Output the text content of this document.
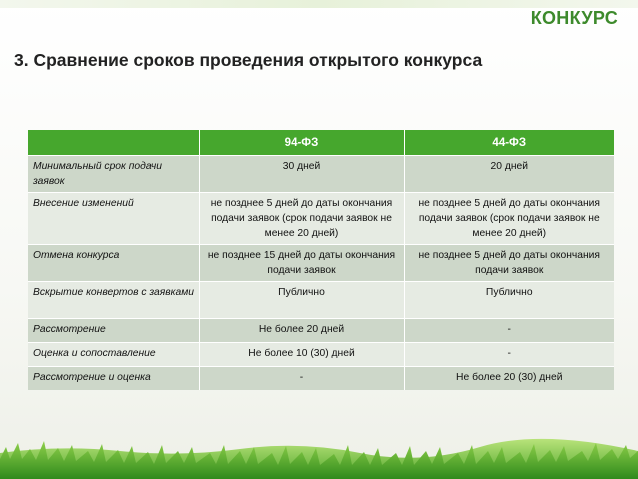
КОНКУРС
3. Сравнение сроков проведения открытого конкурса
	94-ФЗ	44-ФЗ
Минимальный срок подачи заявок	30 дней	20 дней
Внесение изменений	не позднее 5 дней до даты окончания подачи заявок (срок подачи заявок не менее 20 дней)	не позднее 5 дней до даты окончания подачи заявок (срок подачи заявок не менее 20 дней)
Отмена конкурса	не позднее 15 дней до даты окончания подачи заявок	не позднее 5 дней до даты окончания подачи заявок
Вскрытие конвертов с заявками	Публично	Публично
Рассмотрение	Не более 20 дней	-
Оценка и сопоставление	Не более 10 (30) дней	-
Рассмотрение и оценка	-	Не более 20 (30) дней
